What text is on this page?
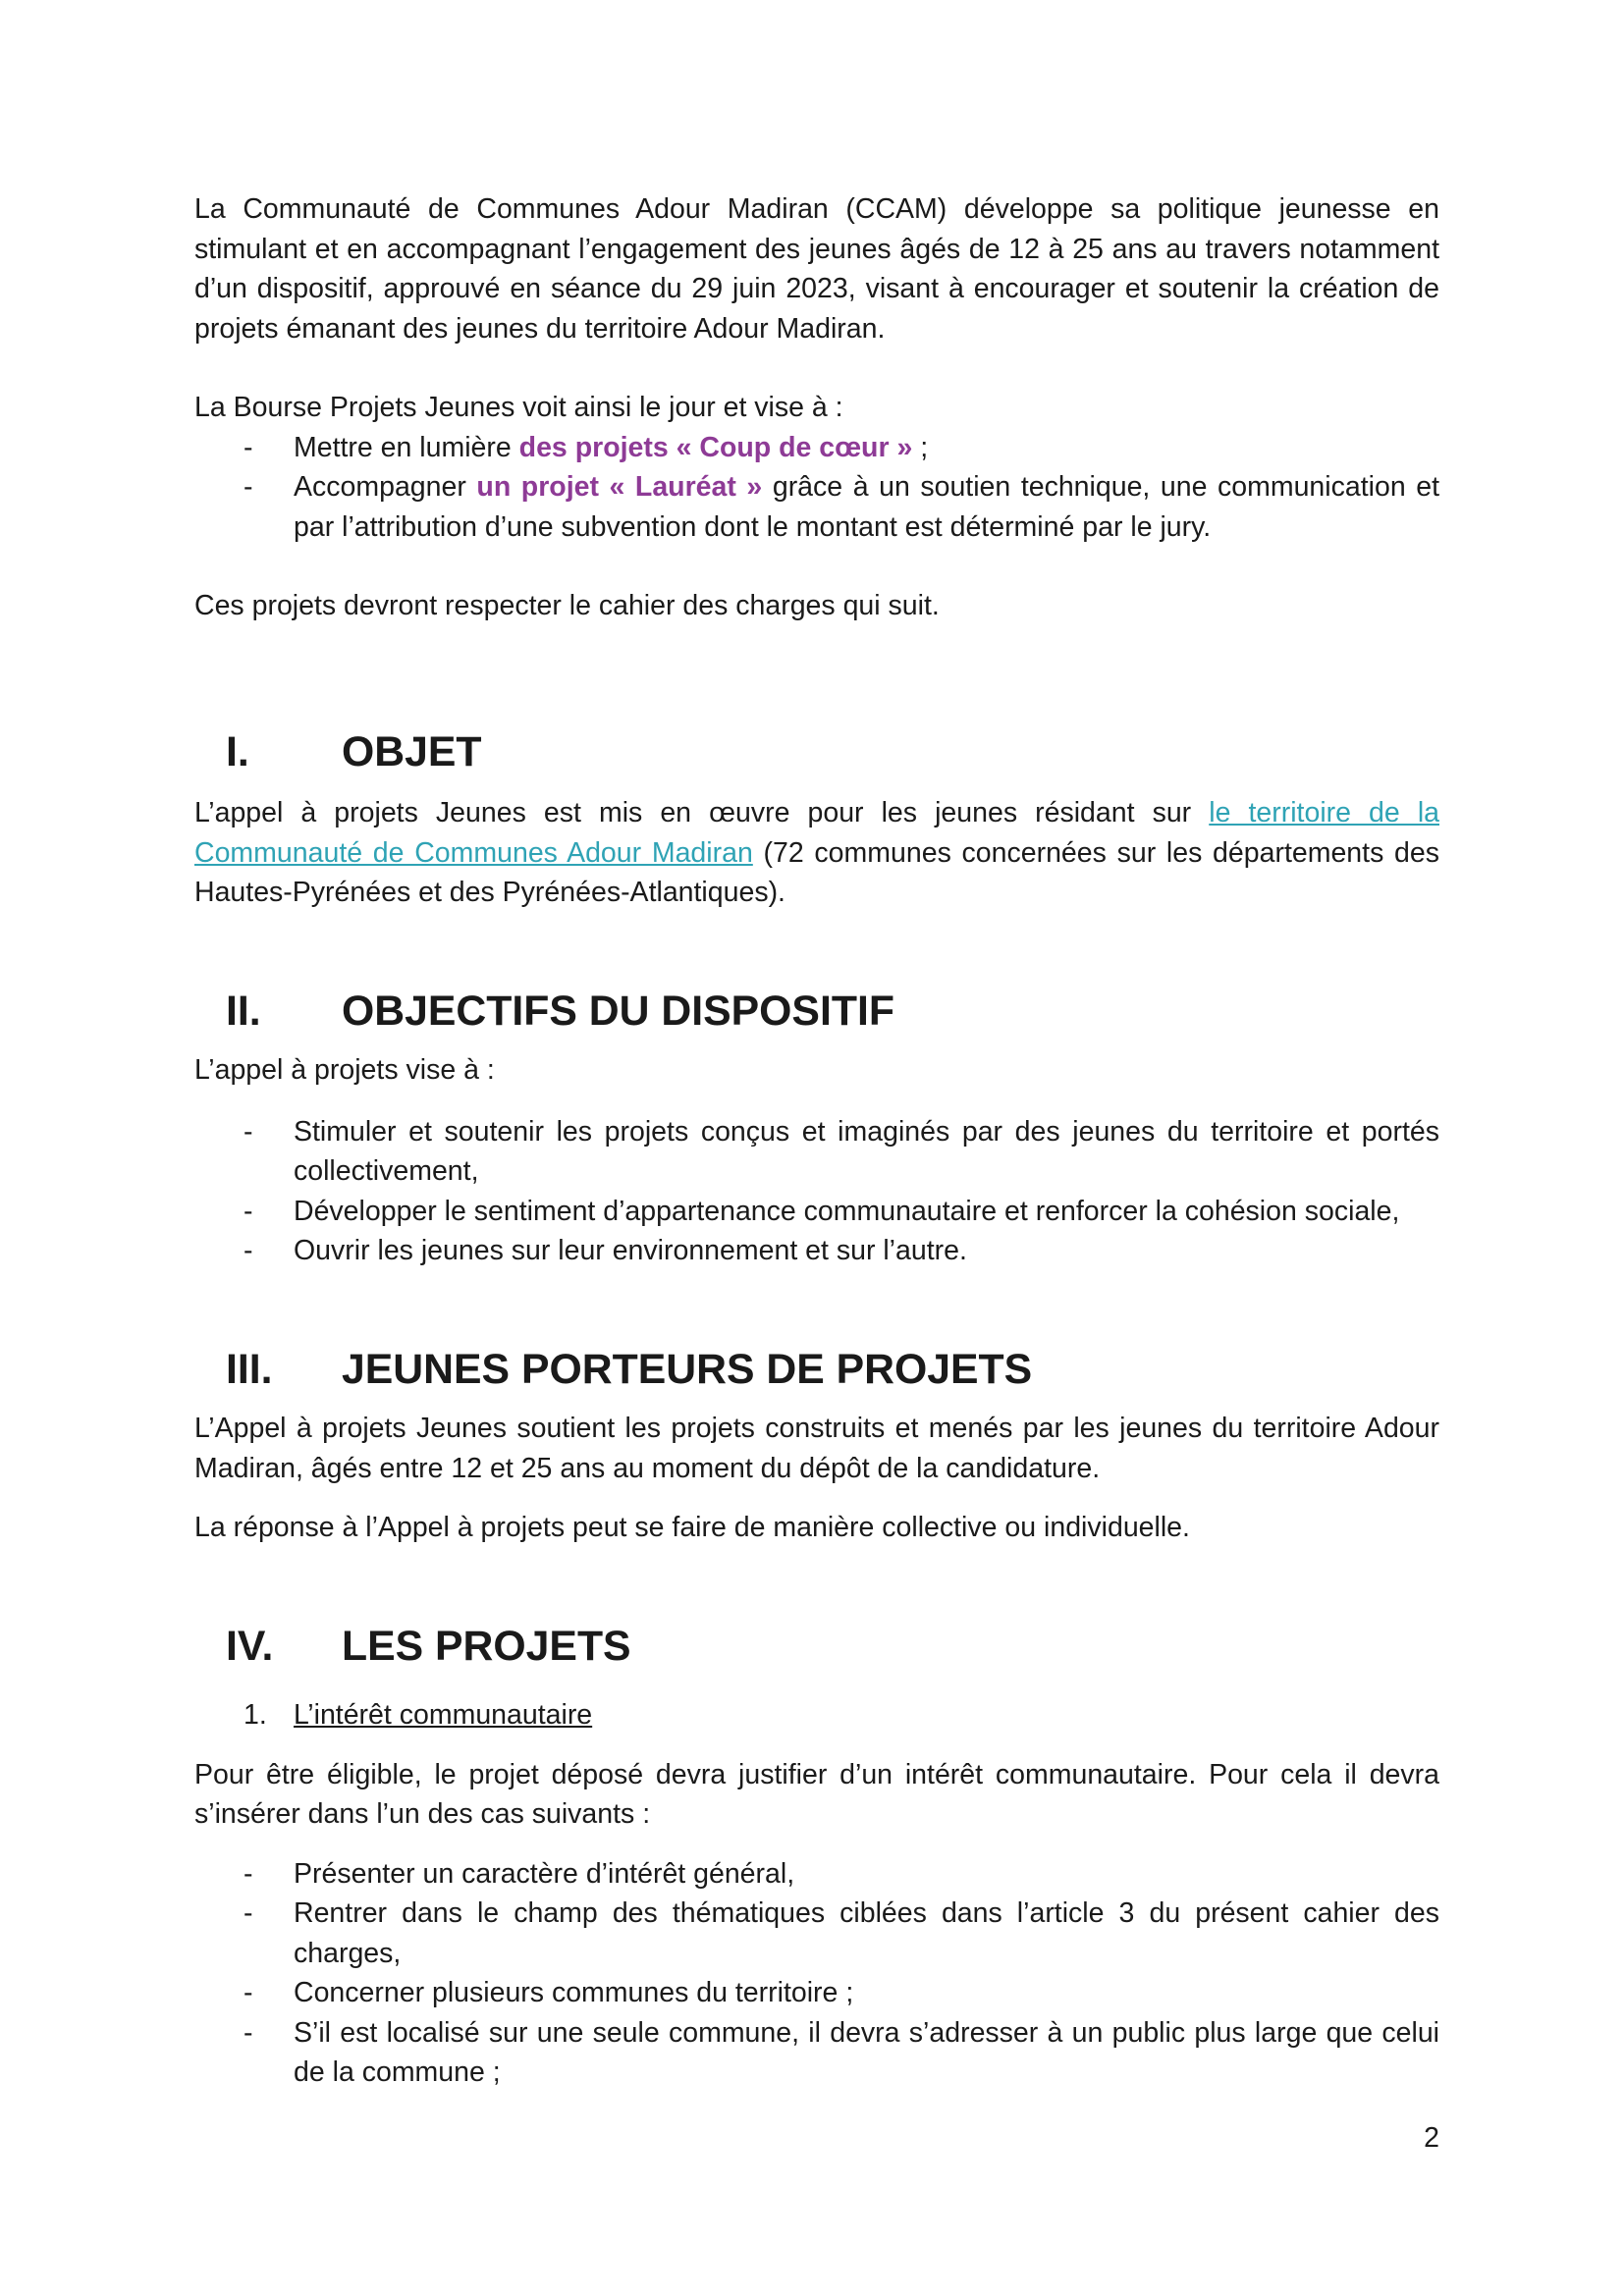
La Communauté de Communes Adour Madiran (CCAM) développe sa politique jeunesse en stimulant et en accompagnant l’engagement des jeunes âgés de 12 à 25 ans au travers notamment d’un dispositif, approuvé en séance du 29 juin 2023, visant à encourager et soutenir la création de projets émanant des jeunes du territoire Adour Madiran.

La Bourse Projets Jeunes voit ainsi le jour et vise à :

- Mettre en lumière des projets « Coup de cœur » ;
- Accompagner un projet « Lauréat » grâce à un soutien technique, une communication et par l’attribution d’une subvention dont le montant est déterminé par le jury.

Ces projets devront respecter le cahier des charges qui suit.

I.	OBJET

L’appel à projets Jeunes est mis en œuvre pour les jeunes résidant sur le territoire de la Communauté de Communes Adour Madiran (72 communes concernées sur les départements des Hautes-Pyrénées et des Pyrénées-Atlantiques).

II.	OBJECTIFS DU DISPOSITIF

L’appel à projets vise à :

- Stimuler et soutenir les projets conçus et imaginés par des jeunes du territoire et portés collectivement,
- Développer le sentiment d’appartenance communautaire et renforcer la cohésion sociale,
- Ouvrir les jeunes sur leur environnement et sur l’autre.
III.	JEUNES PORTEURS DE PROJETS

L’Appel à projets Jeunes soutient les projets construits et menés par les jeunes du territoire Adour Madiran, âgés entre 12 et 25 ans au moment du dépôt de la candidature.

La réponse à l’Appel à projets peut se faire de manière collective ou individuelle.

IV.	LES PROJETS
1. L’intérêt communautaire

Pour être éligible, le projet déposé devra justifier d’un intérêt communautaire. Pour cela il devra s’insérer dans l’un des cas suivants :

- Présenter un caractère d’intérêt général,
- Rentrer dans le champ des thématiques ciblées dans l’article 3 du présent cahier des charges,
- Concerner plusieurs communes du territoire ;
- S’il est localisé sur une seule commune, il devra s’adresser à un public plus large que celui de la commune ;
2
